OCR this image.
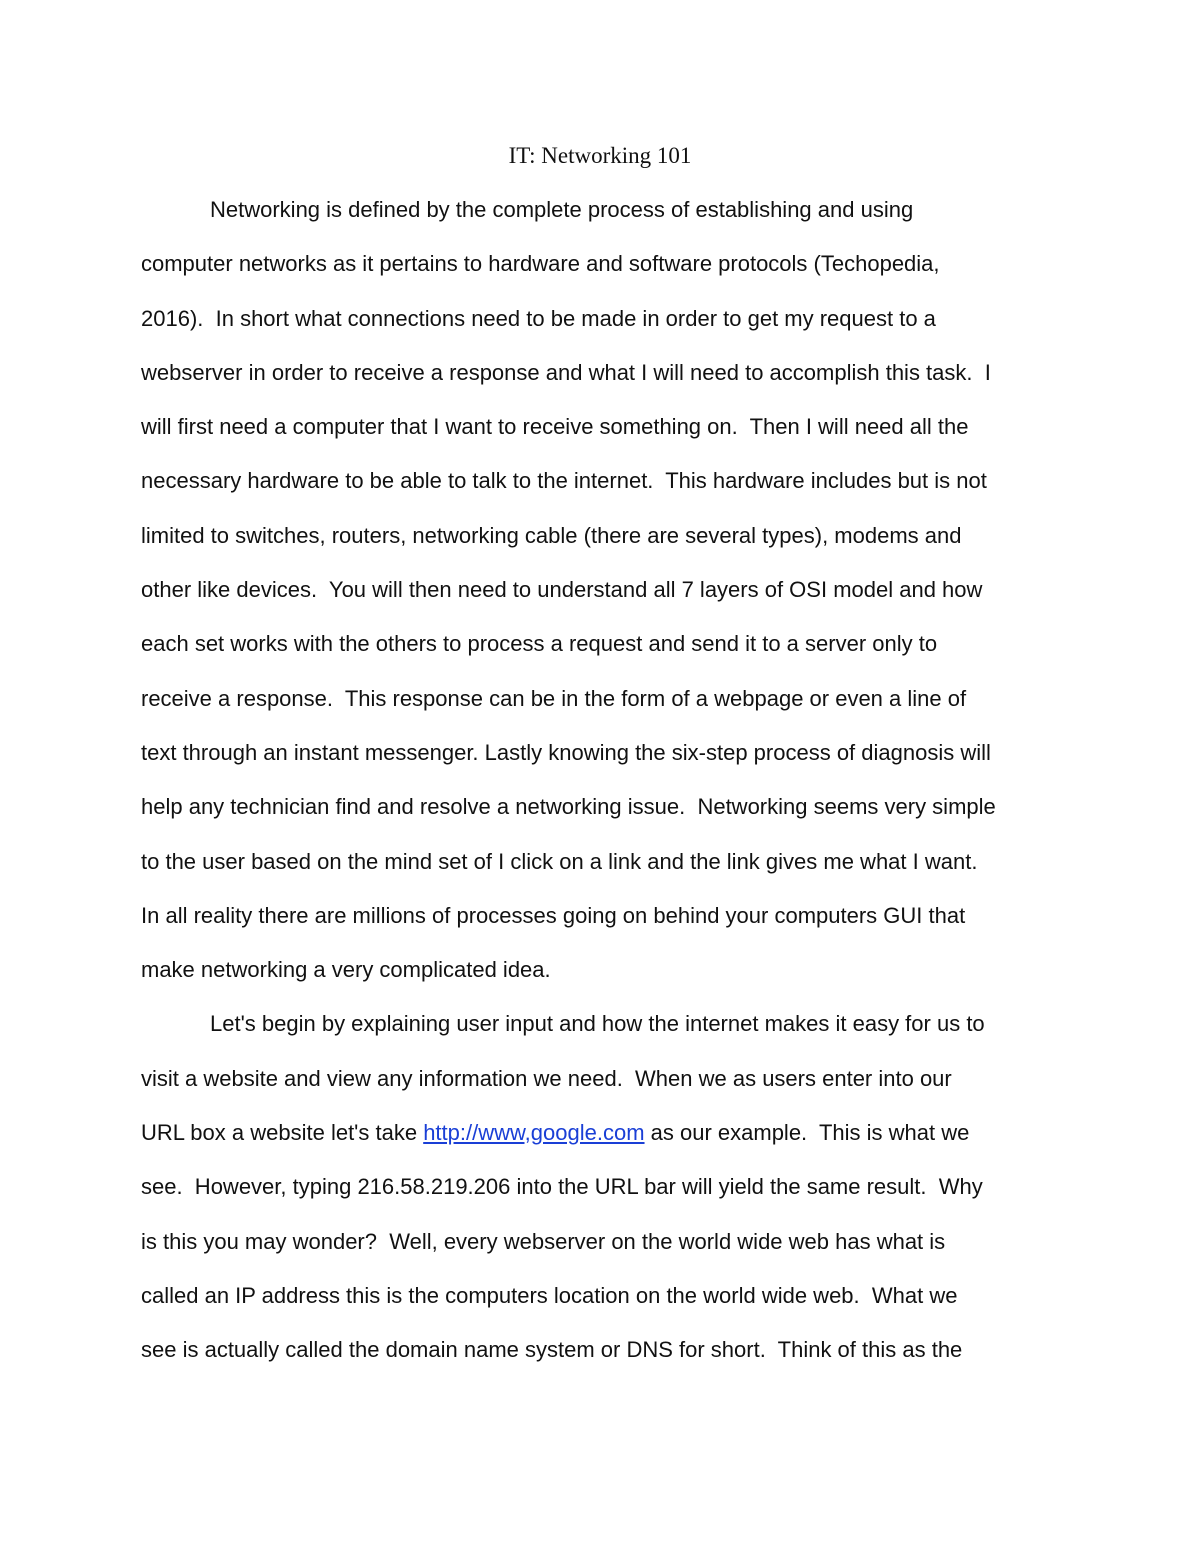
IT: Networking 101
Networking is defined by the complete process of establishing and using
computer networks as it pertains to hardware and software protocols (Techopedia,
2016).  In short what connections need to be made in order to get my request to a
webserver in order to receive a response and what I will need to accomplish this task.  I
will first need a computer that I want to receive something on.  Then I will need all the
necessary hardware to be able to talk to the internet.  This hardware includes but is not
limited to switches, routers, networking cable (there are several types), modems and
other like devices.  You will then need to understand all 7 layers of OSI model and how
each set works with the others to process a request and send it to a server only to
receive a response.  This response can be in the form of a webpage or even a line of
text through an instant messenger. Lastly knowing the six-step process of diagnosis will
help any technician find and resolve a networking issue.  Networking seems very simple
to the user based on the mind set of I click on a link and the link gives me what I want.
In all reality there are millions of processes going on behind your computers GUI that
make networking a very complicated idea.
Let's begin by explaining user input and how the internet makes it easy for us to
visit a website and view any information we need.  When we as users enter into our
URL box a website let's take http://www,google.com as our example.  This is what we
see.  However, typing 216.58.219.206 into the URL bar will yield the same result.  Why
is this you may wonder?  Well, every webserver on the world wide web has what is
called an IP address this is the computers location on the world wide web.  What we
see is actually called the domain name system or DNS for short.  Think of this as the
